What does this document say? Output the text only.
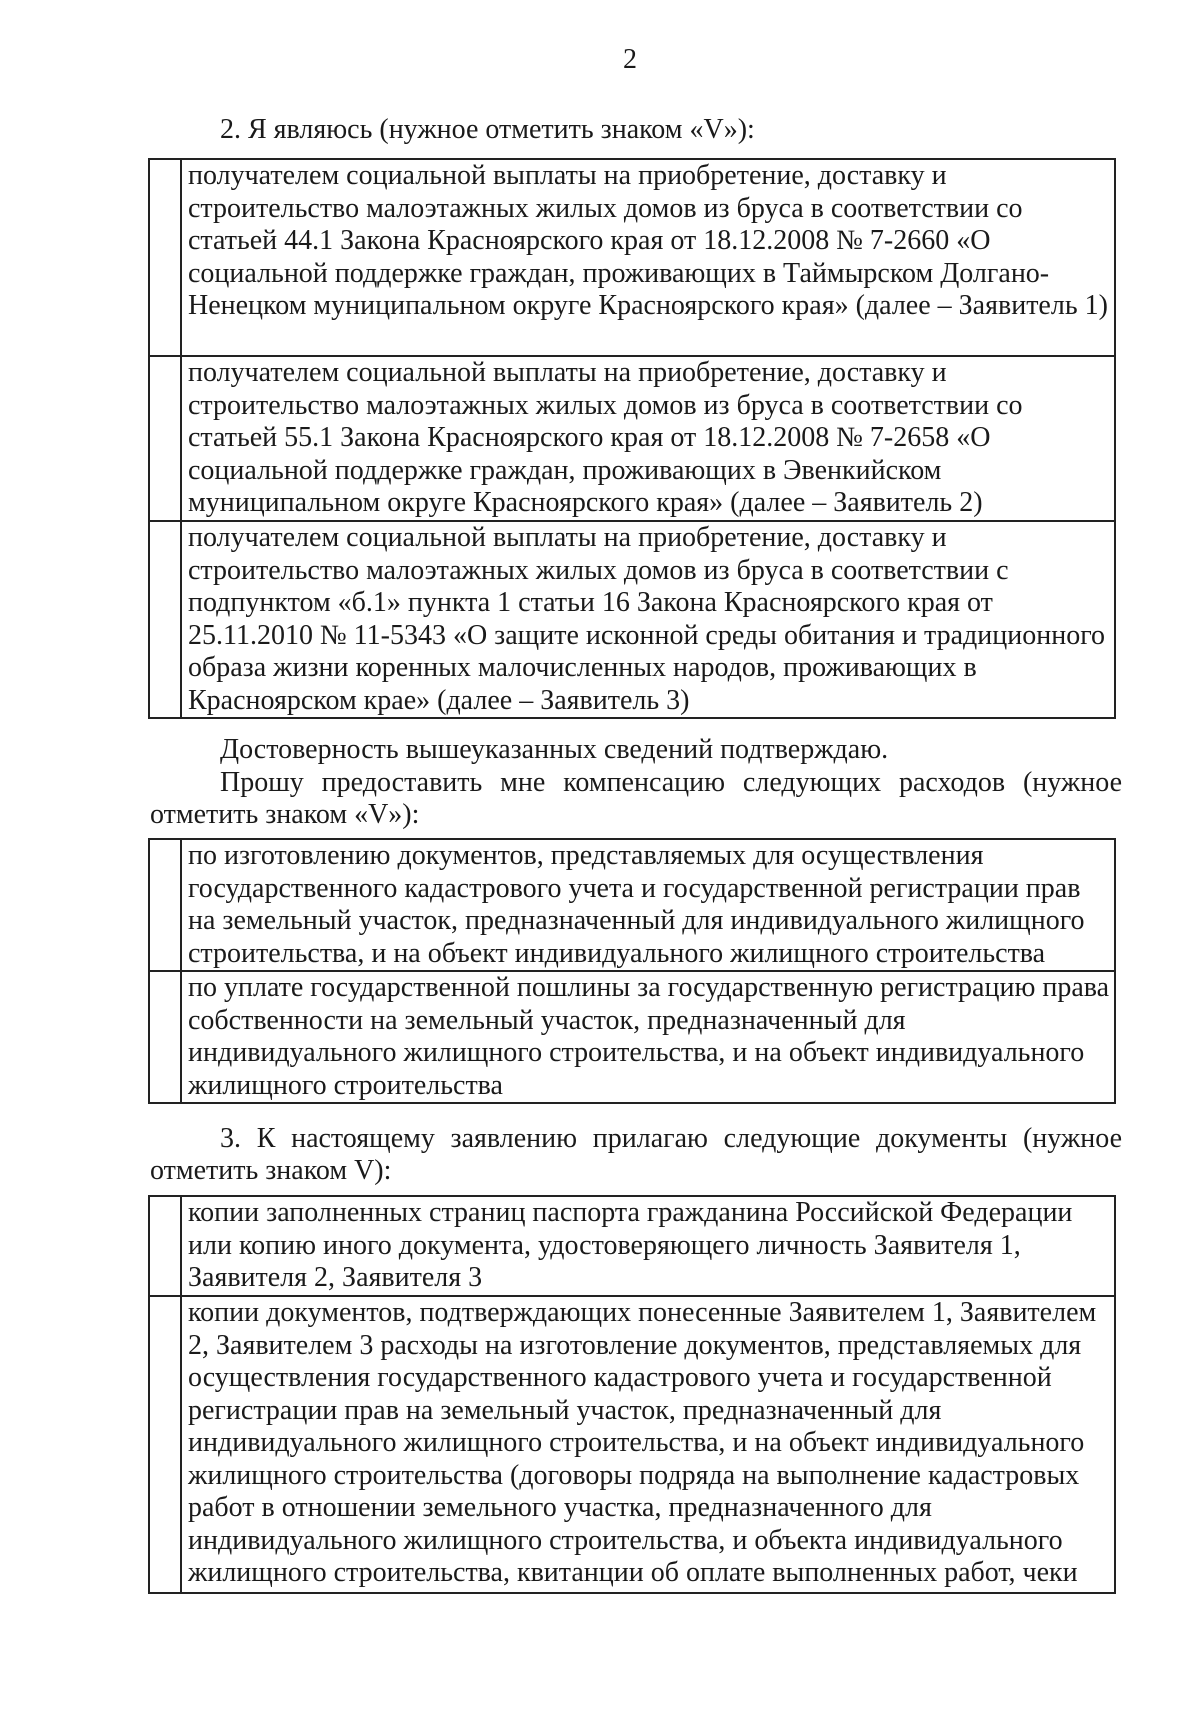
2
2. Я являюсь (нужное отметить знаком «V»):
	получателем социальной выплаты на приобретение, доставку и строительство малоэтажных жилых домов из бруса в соответствии со статьей 44.1 Закона Красноярского края от 18.12.2008 № 7-2660 «О социальной поддержке граждан, проживающих в Таймырском Долгано-Ненецком муниципальном округе Красноярского края» (далее – Заявитель 1)
	получателем социальной выплаты на приобретение, доставку и строительство малоэтажных жилых домов из бруса в соответствии со статьей 55.1 Закона Красноярского края от 18.12.2008 № 7-2658 «О социальной поддержке граждан, проживающих в Эвенкийском муниципальном округе Красноярского края» (далее – Заявитель 2)
	получателем социальной выплаты на приобретение, доставку и строительство малоэтажных жилых домов из бруса в соответствии с подпунктом «б.1» пункта 1 статьи 16 Закона Красноярского края от 25.11.2010 № 11-5343 «О защите исконной среды обитания и традиционного образа жизни коренных малочисленных народов, проживающих в Красноярском крае» (далее – Заявитель 3)
Достоверность вышеуказанных сведений подтверждаю.
Прошу предоставить мне компенсацию следующих расходов (нужное отметить знаком «V»):
	по изготовлению документов, представляемых для осуществления государственного кадастрового учета и государственной регистрации прав на земельный участок, предназначенный для индивидуального жилищного строительства, и на объект индивидуального жилищного строительства
	по уплате государственной пошлины за государственную регистрацию права собственности на земельный участок, предназначенный для индивидуального жилищного строительства, и на объект индивидуального жилищного строительства
3. К настоящему заявлению прилагаю следующие документы (нужное отметить знаком V):
	копии заполненных страниц паспорта гражданина Российской Федерации или копию иного документа, удостоверяющего личность Заявителя 1, Заявителя 2, Заявителя 3
	копии документов, подтверждающих понесенные Заявителем 1, Заявителем 2, Заявителем 3 расходы на изготовление документов, представляемых для осуществления государственного кадастрового учета и государственной регистрации прав на земельный участок, предназначенный для индивидуального жилищного строительства, и на объект индивидуального жилищного строительства (договоры подряда на выполнение кадастровых работ в отношении земельного участка, предназначенного для индивидуального жилищного строительства, и объекта индивидуального жилищного строительства, квитанции об оплате выполненных работ, чеки
